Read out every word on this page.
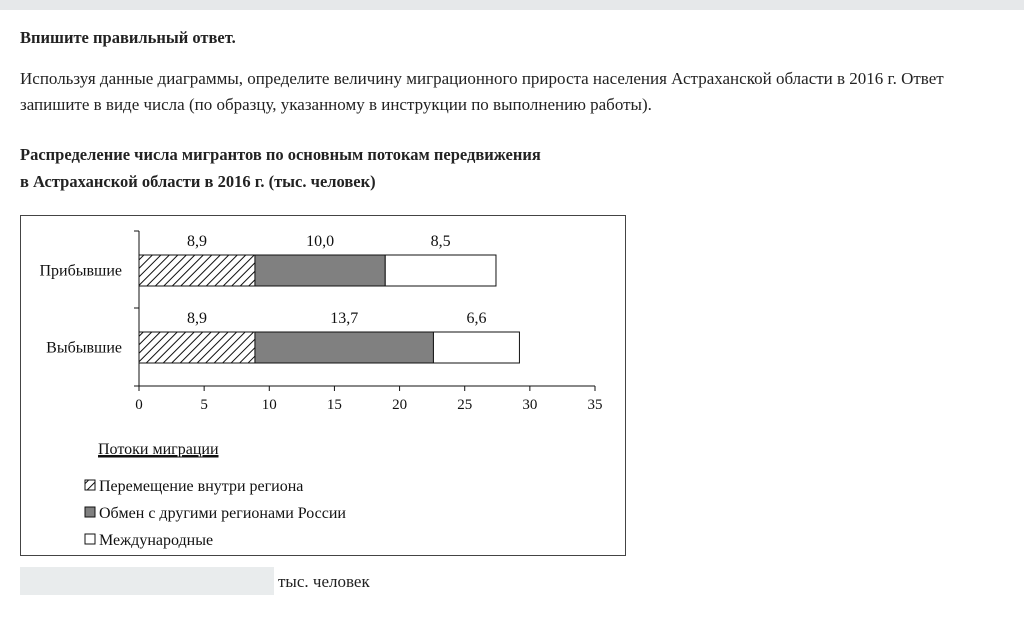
Впишите правильный ответ.
Используя данные диаграммы, определите величину миграционного прироста населения Астраханской области в 2016 г. Ответ запишите в виде числа (по образцу, указанному в инструкции по выполнению работы).
Распределение числа мигрантов по основным потокам передвижения
в Астраханской области в 2016 г. (тыс. человек)
0	5	10	15	20	25	30	35
Прибывшие
Выбывшие
8,9	10,0	8,5
8,9	13,7	6,6
Потоки миграции
Перемещение внутри региона
Обмен с другими регионами России
Международные
тыс. человек
